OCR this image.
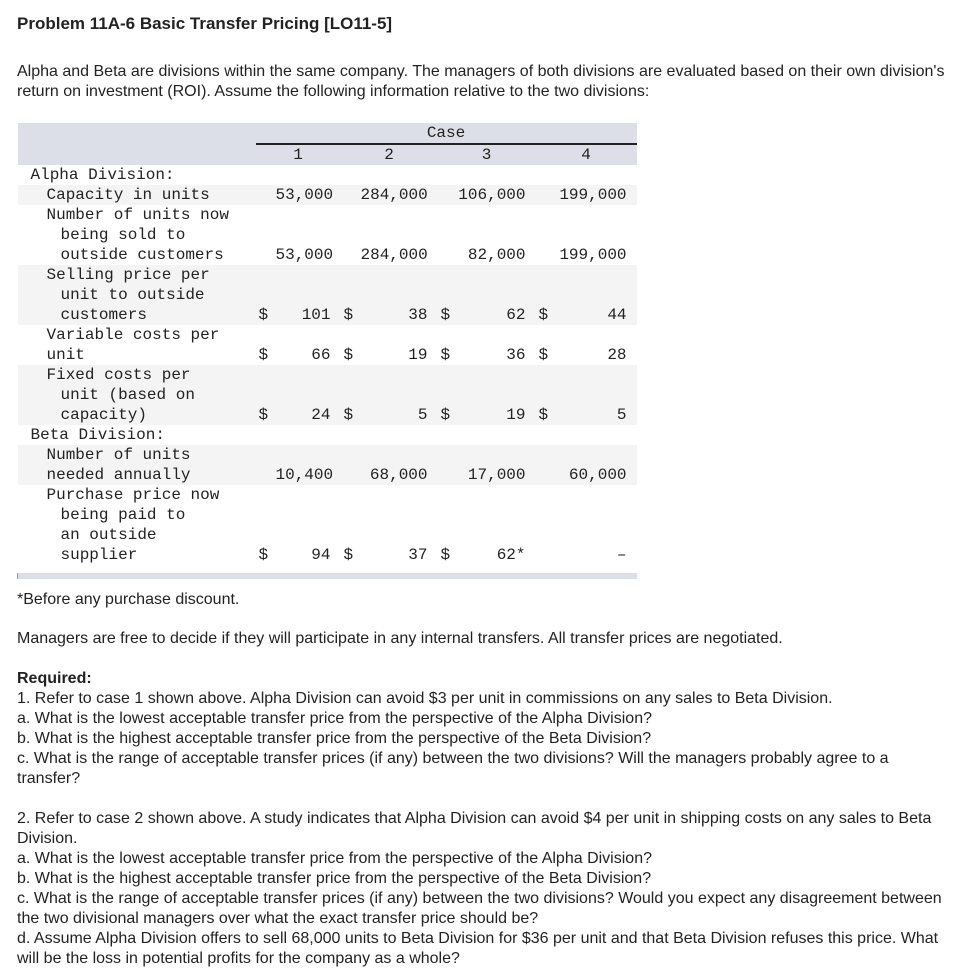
Problem 11A-6 Basic Transfer Pricing [LO11-5]
Alpha and Beta are divisions within the same company. The managers of both divisions are evaluated based on their own division's return on investment (ROI). Assume the following information relative to the two divisions:
	Case							
	1		2		3		4	
Alpha Division:								
Capacity in units		53,000		284,000		106,000		199,000

Number of units now
being sold to
outside customers		53,000		284,000		82,000		199,000

Selling price per
unit to outside
customers	$	101	$	38	$	62	$	44

Variable costs per
unit	$	66	$	19	$	36	$	28

Fixed costs per
unit (based on
capacity)	$	24	$	5	$	19	$	5
Beta Division:								

Number of units
needed annually		10,400		68,000		17,000		60,000

Purchase price now
being paid to
an outside
supplier	$	94	$	37	$	62*		–

*Before any purchase discount.
Managers are free to decide if they will participate in any internal transfers. All transfer prices are negotiated.
Required:
1. Refer to case 1 shown above. Alpha Division can avoid $3 per unit in commissions on any sales to Beta Division.
a. What is the lowest acceptable transfer price from the perspective of the Alpha Division?
b. What is the highest acceptable transfer price from the perspective of the Beta Division?
c. What is the range of acceptable transfer prices (if any) between the two divisions? Will the managers probably agree to a transfer?
2. Refer to case 2 shown above. A study indicates that Alpha Division can avoid $4 per unit in shipping costs on any sales to Beta Division.
a. What is the lowest acceptable transfer price from the perspective of the Alpha Division?
b. What is the highest acceptable transfer price from the perspective of the Beta Division?
c. What is the range of acceptable transfer prices (if any) between the two divisions? Would you expect any disagreement between the two divisional managers over what the exact transfer price should be?
d. Assume Alpha Division offers to sell 68,000 units to Beta Division for $36 per unit and that Beta Division refuses this price. What will be the loss in potential profits for the company as a whole?
